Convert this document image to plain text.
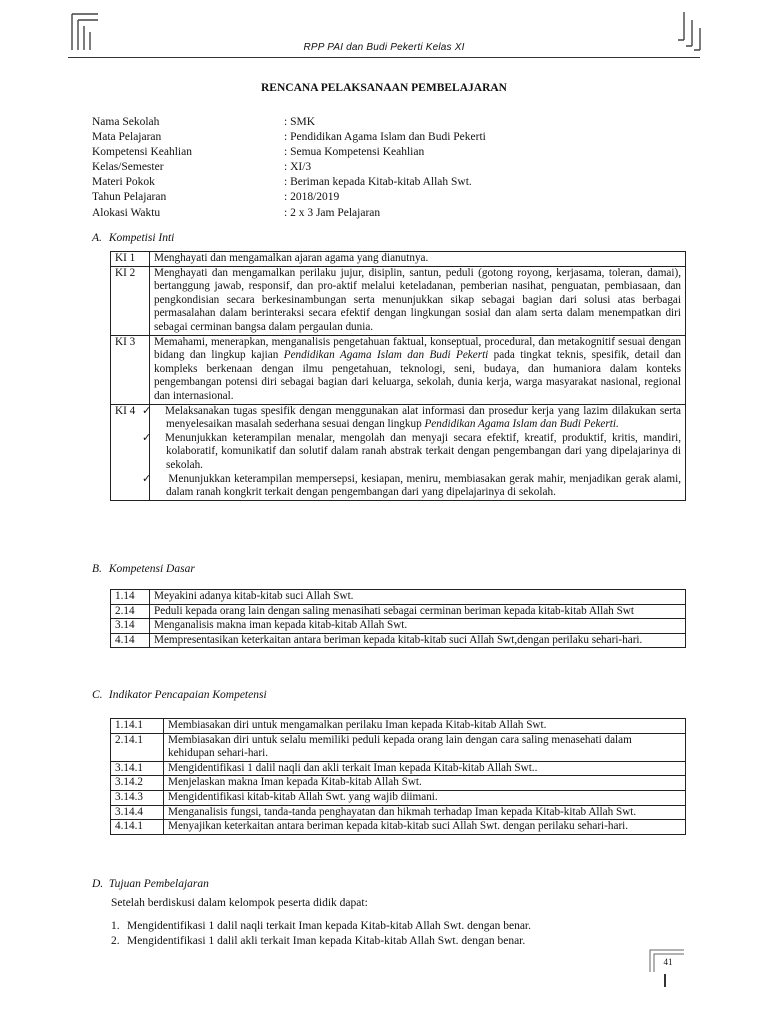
RPP PAI dan Budi Pekerti Kelas XI
RENCANA PELAKSANAAN PEMBELAJARAN
Nama Sekolah	: SMK
Mata Pelajaran	: Pendidikan Agama Islam dan Budi Pekerti
Kompetensi Keahlian	: Semua Kompetensi Keahlian
Kelas/Semester	: XI/3
Materi Pokok	: Beriman kepada Kitab-kitab Allah Swt.
Tahun Pelajaran	: 2018/2019
Alokasi Waktu	: 2 x 3 Jam Pelajaran
A. Kompetisi Inti
KI 1	Menghayati dan mengamalkan ajaran agama yang dianutnya.
KI 2	Menghayati dan mengamalkan perilaku jujur, disiplin, santun, peduli (gotong royong, kerjasama, toleran, damai), bertanggung jawab, responsif, dan pro-aktif melalui keteladanan, pemberian nasihat, penguatan, pembiasaan, dan pengkondisian secara berkesinambungan serta menunjukkan sikap sebagai bagian dari solusi atas berbagai permasalahan dalam berinteraksi secara efektif dengan lingkungan sosial dan alam serta dalam menempatkan diri sebagai cerminan bangsa dalam pergaulan dunia.
KI 3	Memahami, menerapkan, menganalisis pengetahuan faktual, konseptual, procedural, dan metakognitif sesuai dengan bidang dan lingkup kajian Pendidikan Agama Islam dan Budi Pekerti pada tingkat teknis, spesifik, detail dan kompleks berkenaan dengan ilmu pengetahuan, teknologi, seni, budaya, dan humaniora dalam konteks pengembangan potensi diri sebagai bagian dari keluarga, sekolah, dunia kerja, warga masyarakat nasional, regional dan internasional.
KI 4	✓ Melaksanakan tugas spesifik dengan menggunakan alat informasi dan prosedur kerja yang lazim dilakukan serta menyelesaikan masalah sederhana sesuai dengan lingkup Pendidikan Agama Islam dan Budi Pekerti.
✓ Menunjukkan keterampilan menalar, mengolah dan menyaji secara efektif, kreatif, produktif, kritis, mandiri, kolaboratif, komunikatif dan solutif dalam ranah abstrak terkait dengan pengembangan dari yang dipelajarinya di sekolah.
✓ Menunjukkan keterampilan mempersepsi, kesiapan, meniru, membiasakan gerak mahir, menjadikan gerak alami, dalam ranah kongkrit terkait dengan pengembangan dari yang dipelajarinya di sekolah.
B. Kompetensi Dasar
1.14	Meyakini adanya kitab-kitab suci Allah Swt.
2.14	Peduli kepada orang lain dengan saling menasihati sebagai cerminan beriman kepada kitab-kitab Allah Swt
3.14	Menganalisis makna iman kepada kitab-kitab Allah Swt.
4.14	Mempresentasikan keterkaitan antara beriman kepada kitab-kitab suci Allah Swt,dengan perilaku sehari-hari.
C. Indikator Pencapaian Kompetensi
1.14.1	Membiasakan diri untuk mengamalkan perilaku Iman kepada Kitab-kitab Allah Swt.
2.14.1	Membiasakan diri untuk selalu memiliki peduli kepada orang lain dengan cara saling menasehati dalam kehidupan sehari-hari.
3.14.1	Mengidentifikasi 1 dalil naqli dan akli terkait Iman kepada Kitab-kitab Allah Swt..
3.14.2	Menjelaskan makna Iman kepada Kitab-kitab Allah Swt.
3.14.3	Mengidentifikasi kitab-kitab Allah Swt. yang wajib diimani.
3.14.4	Menganalisis fungsi, tanda-tanda penghayatan dan hikmah terhadap Iman kepada Kitab-kitab Allah Swt.
4.14.1	Menyajikan keterkaitan antara beriman kepada kitab-kitab suci Allah Swt. dengan perilaku sehari-hari.
D. Tujuan Pembelajaran
Setelah berdiskusi dalam kelompok peserta didik dapat:
1. Mengidentifikasi 1 dalil naqli terkait Iman kepada Kitab-kitab Allah Swt. dengan benar.
2. Mengidentifikasi 1 dalil akli terkait Iman kepada Kitab-kitab Allah Swt. dengan benar.
41
